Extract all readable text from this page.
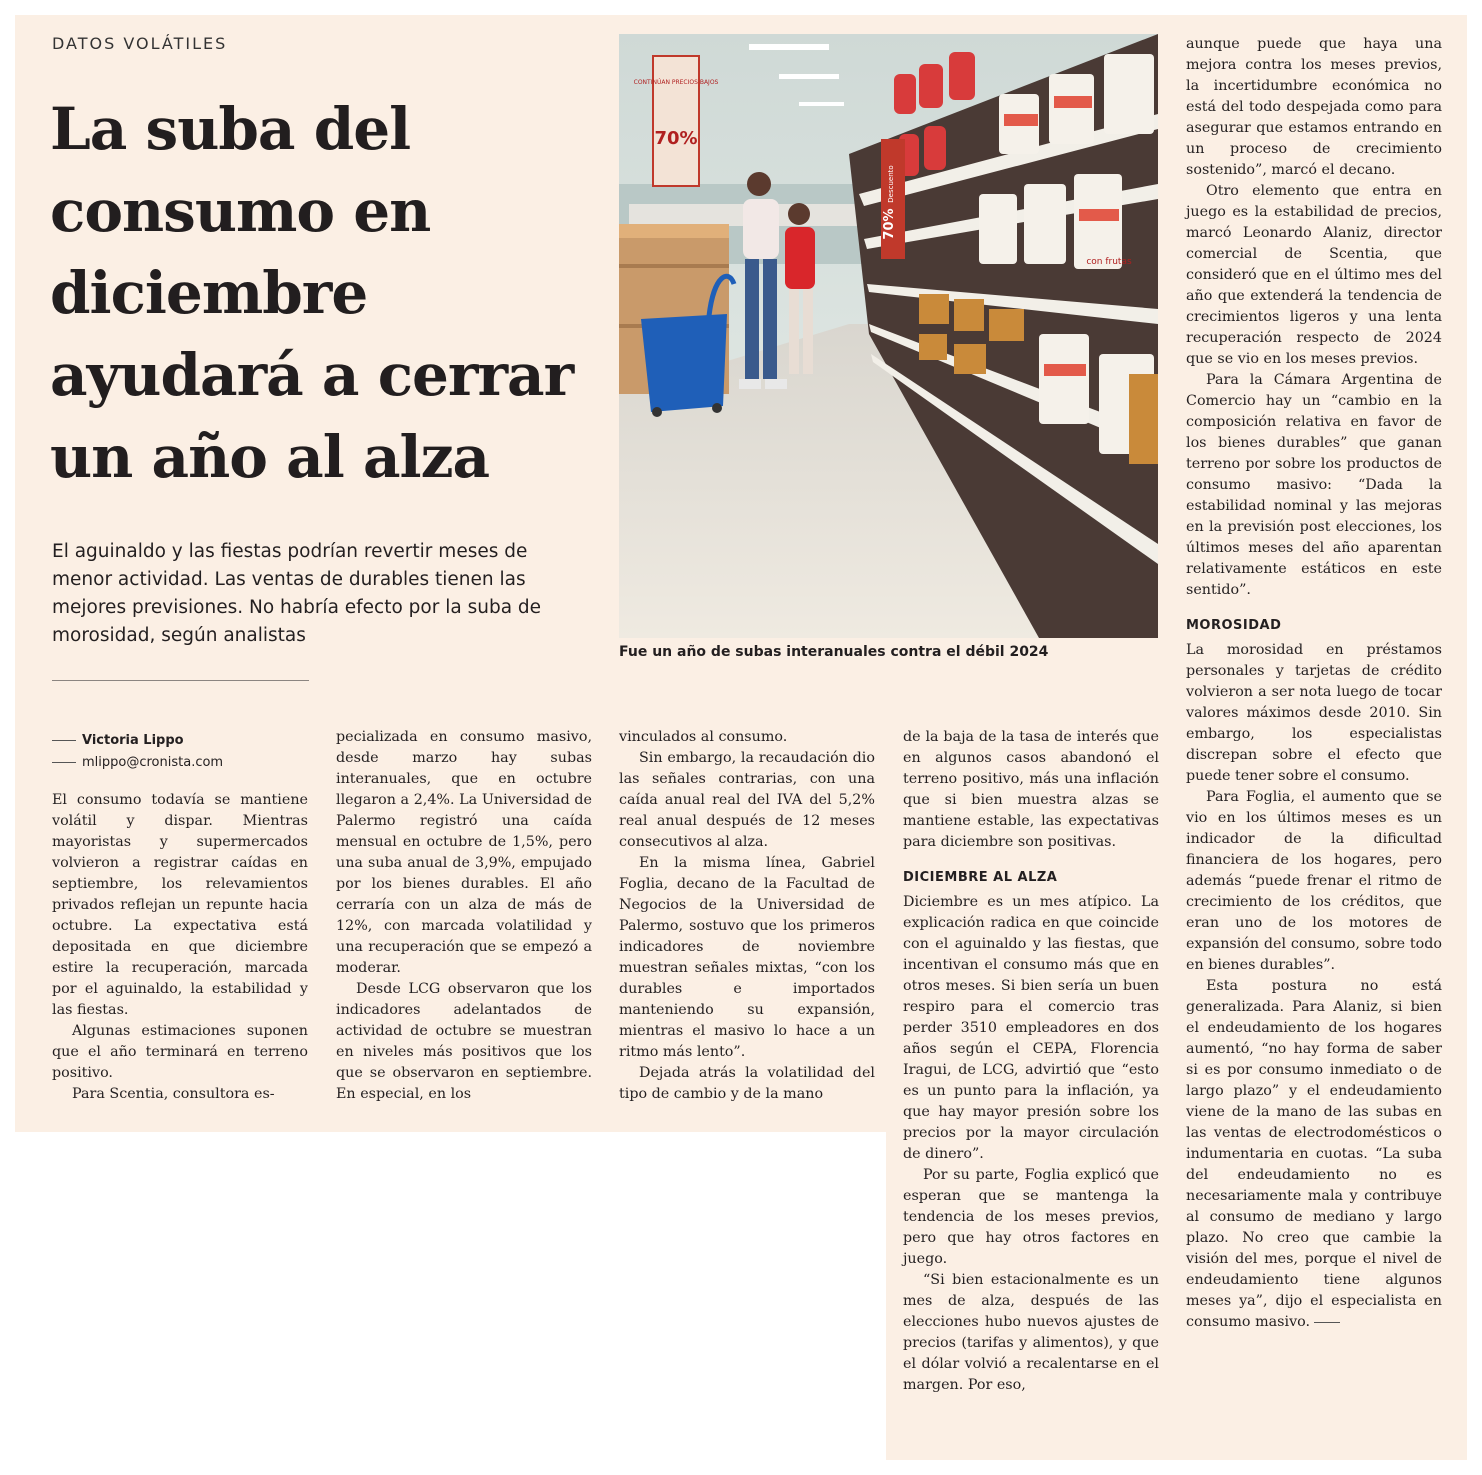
DATOS VOLÁTILES
La suba del consumo en diciembre ayudará a cerrar un año al alza

El aguinaldo y las fiestas podrían revertir meses de menor actividad. Las ventas de durables tienen las mejores previsiones. No habría efecto por la suba de morosidad, según analistas

Victoria Lippo
mlippo@cronista.com

El consumo todavía se mantiene volátil y dispar. Mientras mayoristas y supermercados volvieron a registrar caídas en septiembre, los relevamientos privados reflejan un repunte hacia octubre. La expectativa está depositada en que diciembre estire la recuperación, marcada por el aguinaldo, la estabilidad y las fiestas.

Algunas estimaciones suponen que el año terminará en terreno positivo.

Para Scentia, consultora es-

pecializada en consumo masivo, desde marzo hay subas interanuales, que en octubre llegaron a 2,4%. La Universidad de Palermo registró una caída mensual en octubre de 1,5%, pero una suba anual de 3,9%, empujado por los bienes durables. El año cerraría con un alza de más de 12%, con marcada volatilidad y una recuperación que se empezó a moderar.

Desde LCG observaron que los indicadores adelantados de actividad de octubre se muestran en niveles más positivos que los que se observaron en septiembre. En especial, en los

vinculados al consumo.

Sin embargo, la recaudación dio las señales contrarias, con una caída anual real del IVA del 5,2% real anual después de 12 meses consecutivos al alza.

En la misma línea, Gabriel Foglia, decano de la Facultad de Negocios de la Universidad de Palermo, sostuvo que los primeros indicadores de noviembre muestran señales mixtas, “con los durables e importados manteniendo su expansión, mientras el masivo lo hace a un ritmo más lento”.

Dejada atrás la volatilidad del tipo de cambio y de la mano

de la baja de la tasa de interés que en algunos casos abandonó el terreno positivo, más una inflación que si bien muestra alzas se mantiene estable, las expectativas para diciembre son positivas.

DICIEMBRE AL ALZA

Diciembre es un mes atípico. La explicación radica en que coincide con el aguinaldo y las fiestas, que incentivan el consumo más que en otros meses. Si bien sería un buen respiro para el comercio tras perder 3510 empleadores en dos años según el CEPA, Florencia Iragui, de LCG, advirtió que “esto es un punto para la inflación, ya que hay mayor presión sobre los precios por la mayor circulación de dinero”.

Por su parte, Foglia explicó que esperan que se mantenga la tendencia de los meses previos, pero que hay otros factores en juego.

“Si bien estacionalmente es un mes de alza, después de las elecciones hubo nuevos ajustes de precios (tarifas y alimentos), y que el dólar volvió a recalentarse en el margen. Por eso,

aunque puede que haya una mejora contra los meses previos, la incertidumbre económica no está del todo despejada como para asegurar que estamos entrando en un proceso de crecimiento sostenido”, marcó el decano.

Otro elemento que entra en juego es la estabilidad de precios, marcó Leonardo Alaniz, director comercial de Scentia, que consideró que en el último mes del año que extenderá la tendencia de crecimientos ligeros y una lenta recuperación respecto de 2024 que se vio en los meses previos.

Para la Cámara Argentina de Comercio hay un “cambio en la composición relativa en favor de los bienes durables” que ganan terreno por sobre los productos de consumo masivo: “Dada la estabilidad nominal y las mejoras en la previsión post elecciones, los últimos meses del año aparentan relativamente estáticos en este sentido”.

MOROSIDAD

La morosidad en préstamos personales y tarjetas de crédito volvieron a ser nota luego de tocar valores máximos desde 2010. Sin embargo, los especialistas discrepan sobre el efecto que puede tener sobre el consumo.

Para Foglia, el aumento que se vio en los últimos meses es un indicador de la dificultad financiera de los hogares, pero además “puede frenar el ritmo de crecimiento de los créditos, que eran uno de los motores de expansión del consumo, sobre todo en bienes durables”.

Esta postura no está generalizada. Para Alaniz, si bien el endeudamiento de los hogares aumentó, “no hay forma de saber si es por consumo inmediato o de largo plazo” y el endeudamiento viene de la mano de las subas en las ventas de electrodomésticos o indumentaria en cuotas. “La suba del endeudamiento no es necesariamente mala y contribuye al consumo de mediano y largo plazo. No creo que cambie la visión del mes, porque el nivel de endeudamiento tiene algunos meses ya”, dijo el especialista en consumo masivo.

CONTINÚAN PRECIOS BAJOS
70%
70%
Descuento
con frutas
Fue un año de subas interanuales contra el débil 2024
